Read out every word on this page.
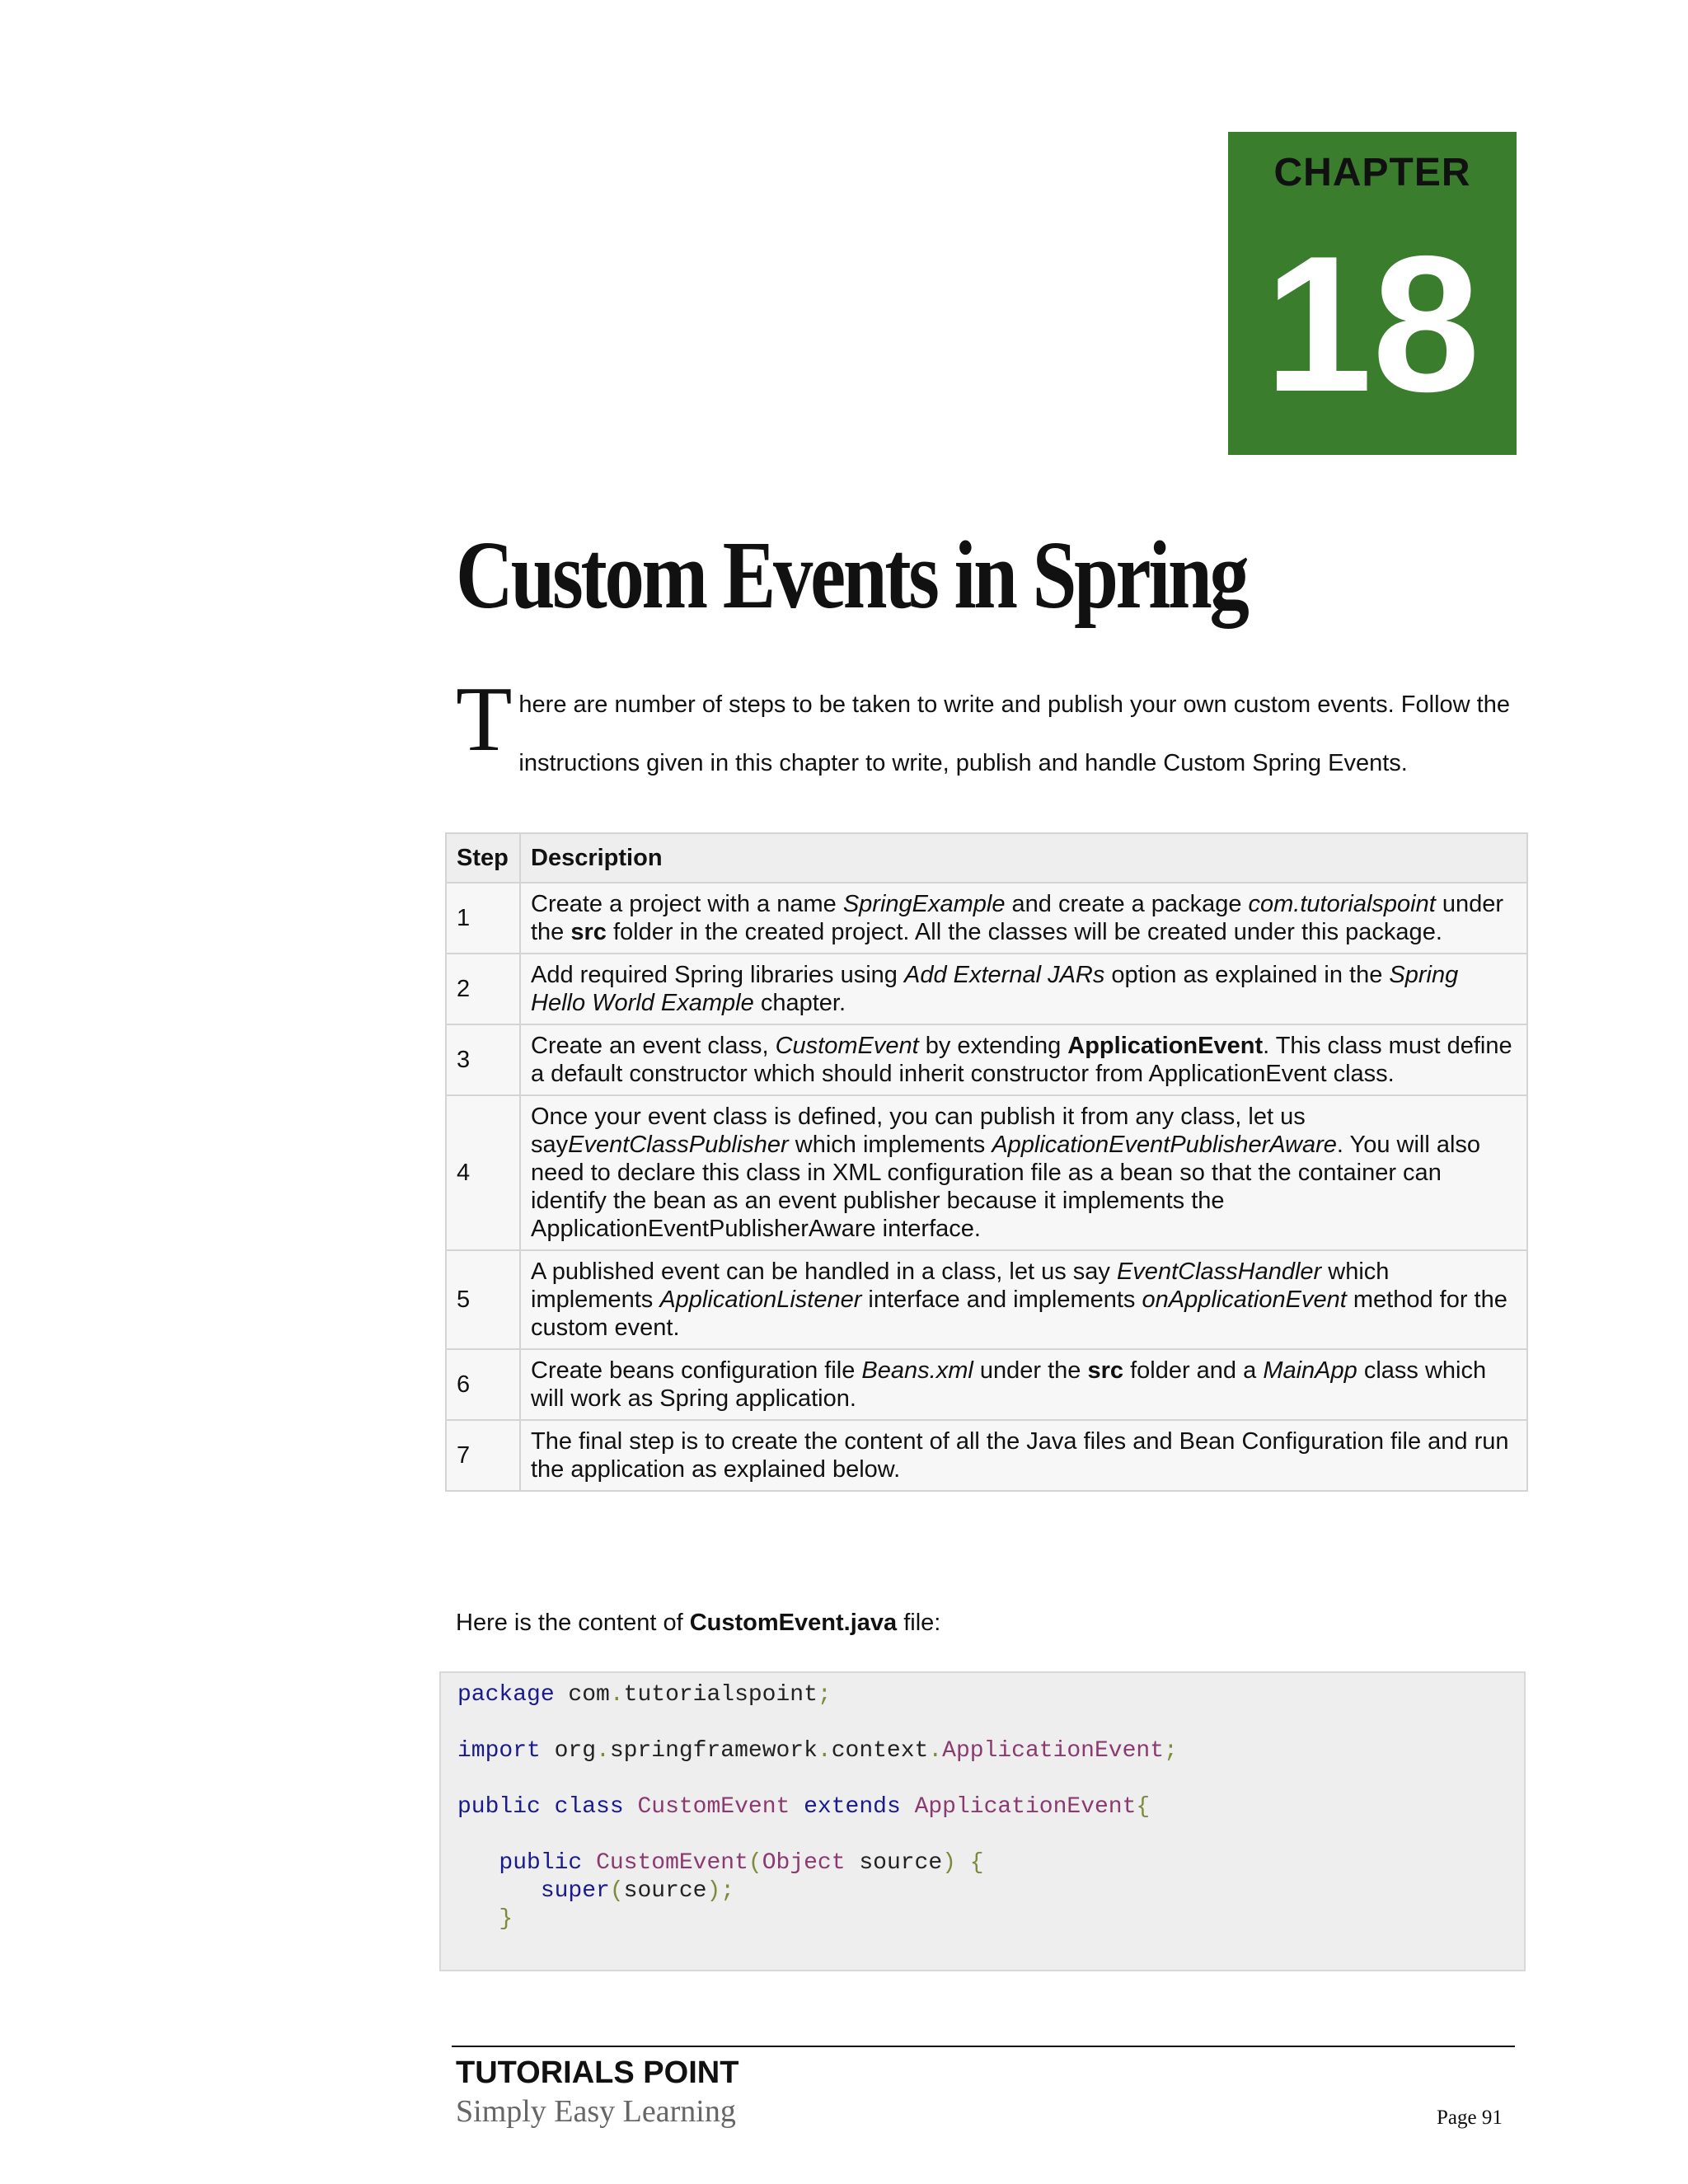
CHAPTER
18
Custom Events in Spring
There are number of steps to be taken to write and publish your own custom events. Follow the instructions given in this chapter to write, publish and handle Custom Spring Events.
Step	Description
1	Create a project with a name SpringExample and create a package com.tutorialspoint under the src folder in the created project. All the classes will be created under this package.
2	Add required Spring libraries using Add External JARs option as explained in the Spring Hello World Example chapter.
3	Create an event class, CustomEvent by extending ApplicationEvent. This class must define a default constructor which should inherit constructor from ApplicationEvent class.
4	Once your event class is defined, you can publish it from any class, let us sayEventClassPublisher which implements ApplicationEventPublisherAware. You will also need to declare this class in XML configuration file as a bean so that the container can identify the bean as an event publisher because it implements the ApplicationEventPublisherAware interface.
5	A published event can be handled in a class, let us say EventClassHandler which implements ApplicationListener interface and implements onApplicationEvent method for the custom event.
6	Create beans configuration file Beans.xml under the src folder and a MainApp class which will work as Spring application.
7	The final step is to create the content of all the Java files and Bean Configuration file and run the application as explained below.
Here is the content of CustomEvent.java file:
package com.tutorialspoint;
import org.springframework.context.ApplicationEvent;
public class CustomEvent extends ApplicationEvent{
public CustomEvent(Object source) {
super(source);
}
TUTORIALS POINT
Simply Easy Learning	Page 91
